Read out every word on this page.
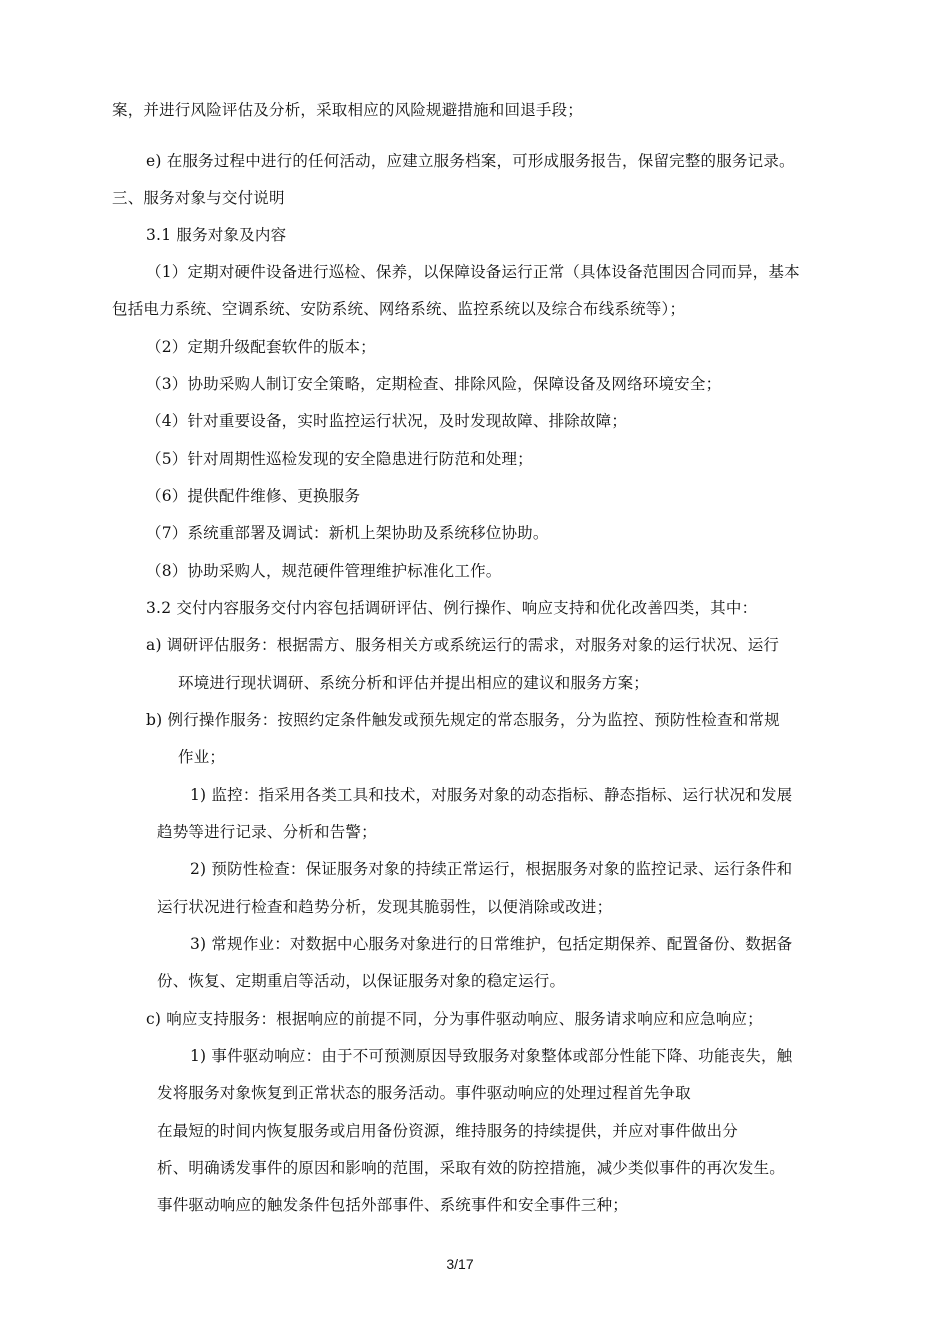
案，并进行风险评估及分析，采取相应的风险规避措施和回退手段；

e) 在服务过程中进行的任何活动，应建立服务档案，可形成服务报告，保留完整的服务记录。

三、服务对象与交付说明

3.1 服务对象及内容

（1）定期对硬件设备进行巡检、保养，以保障设备运行正常（具体设备范围因合同而异，基本

包括电力系统、空调系统、安防系统、网络系统、监控系统以及综合布线系统等）；

（2）定期升级配套软件的版本；

（3）协助采购人制订安全策略，定期检查、排除风险，保障设备及网络环境安全；

（4）针对重要设备，实时监控运行状况，及时发现故障、排除故障；

（5）针对周期性巡检发现的安全隐患进行防范和处理；

（6）提供配件维修、更换服务

（7）系统重部署及调试：新机上架协助及系统移位协助。

（8）协助采购人，规范硬件管理维护标准化工作。

3.2 交付内容服务交付内容包括调研评估、例行操作、响应支持和优化改善四类，其中：

a) 调研评估服务：根据需方、服务相关方或系统运行的需求，对服务对象的运行状况、运行

环境进行现状调研、系统分析和评估并提出相应的建议和服务方案；

b) 例行操作服务：按照约定条件触发或预先规定的常态服务，分为监控、预防性检查和常规

作业；

1) 监控：指采用各类工具和技术，对服务对象的动态指标、静态指标、运行状况和发展

趋势等进行记录、分析和告警；

2) 预防性检查：保证服务对象的持续正常运行，根据服务对象的监控记录、运行条件和

运行状况进行检查和趋势分析，发现其脆弱性，以便消除或改进；

3) 常规作业：对数据中心服务对象进行的日常维护，包括定期保养、配置备份、数据备

份、恢复、定期重启等活动，以保证服务对象的稳定运行。

c) 响应支持服务：根据响应的前提不同，分为事件驱动响应、服务请求响应和应急响应；

1) 事件驱动响应：由于不可预测原因导致服务对象整体或部分性能下降、功能丧失，触

发将服务对象恢复到正常状态的服务活动。事件驱动响应的处理过程首先争取

在最短的时间内恢复服务或启用备份资源，维持服务的持续提供，并应对事件做出分

析、明确诱发事件的原因和影响的范围，采取有效的防控措施，减少类似事件的再次发生。

事件驱动响应的触发条件包括外部事件、系统事件和安全事件三种；

3/17
